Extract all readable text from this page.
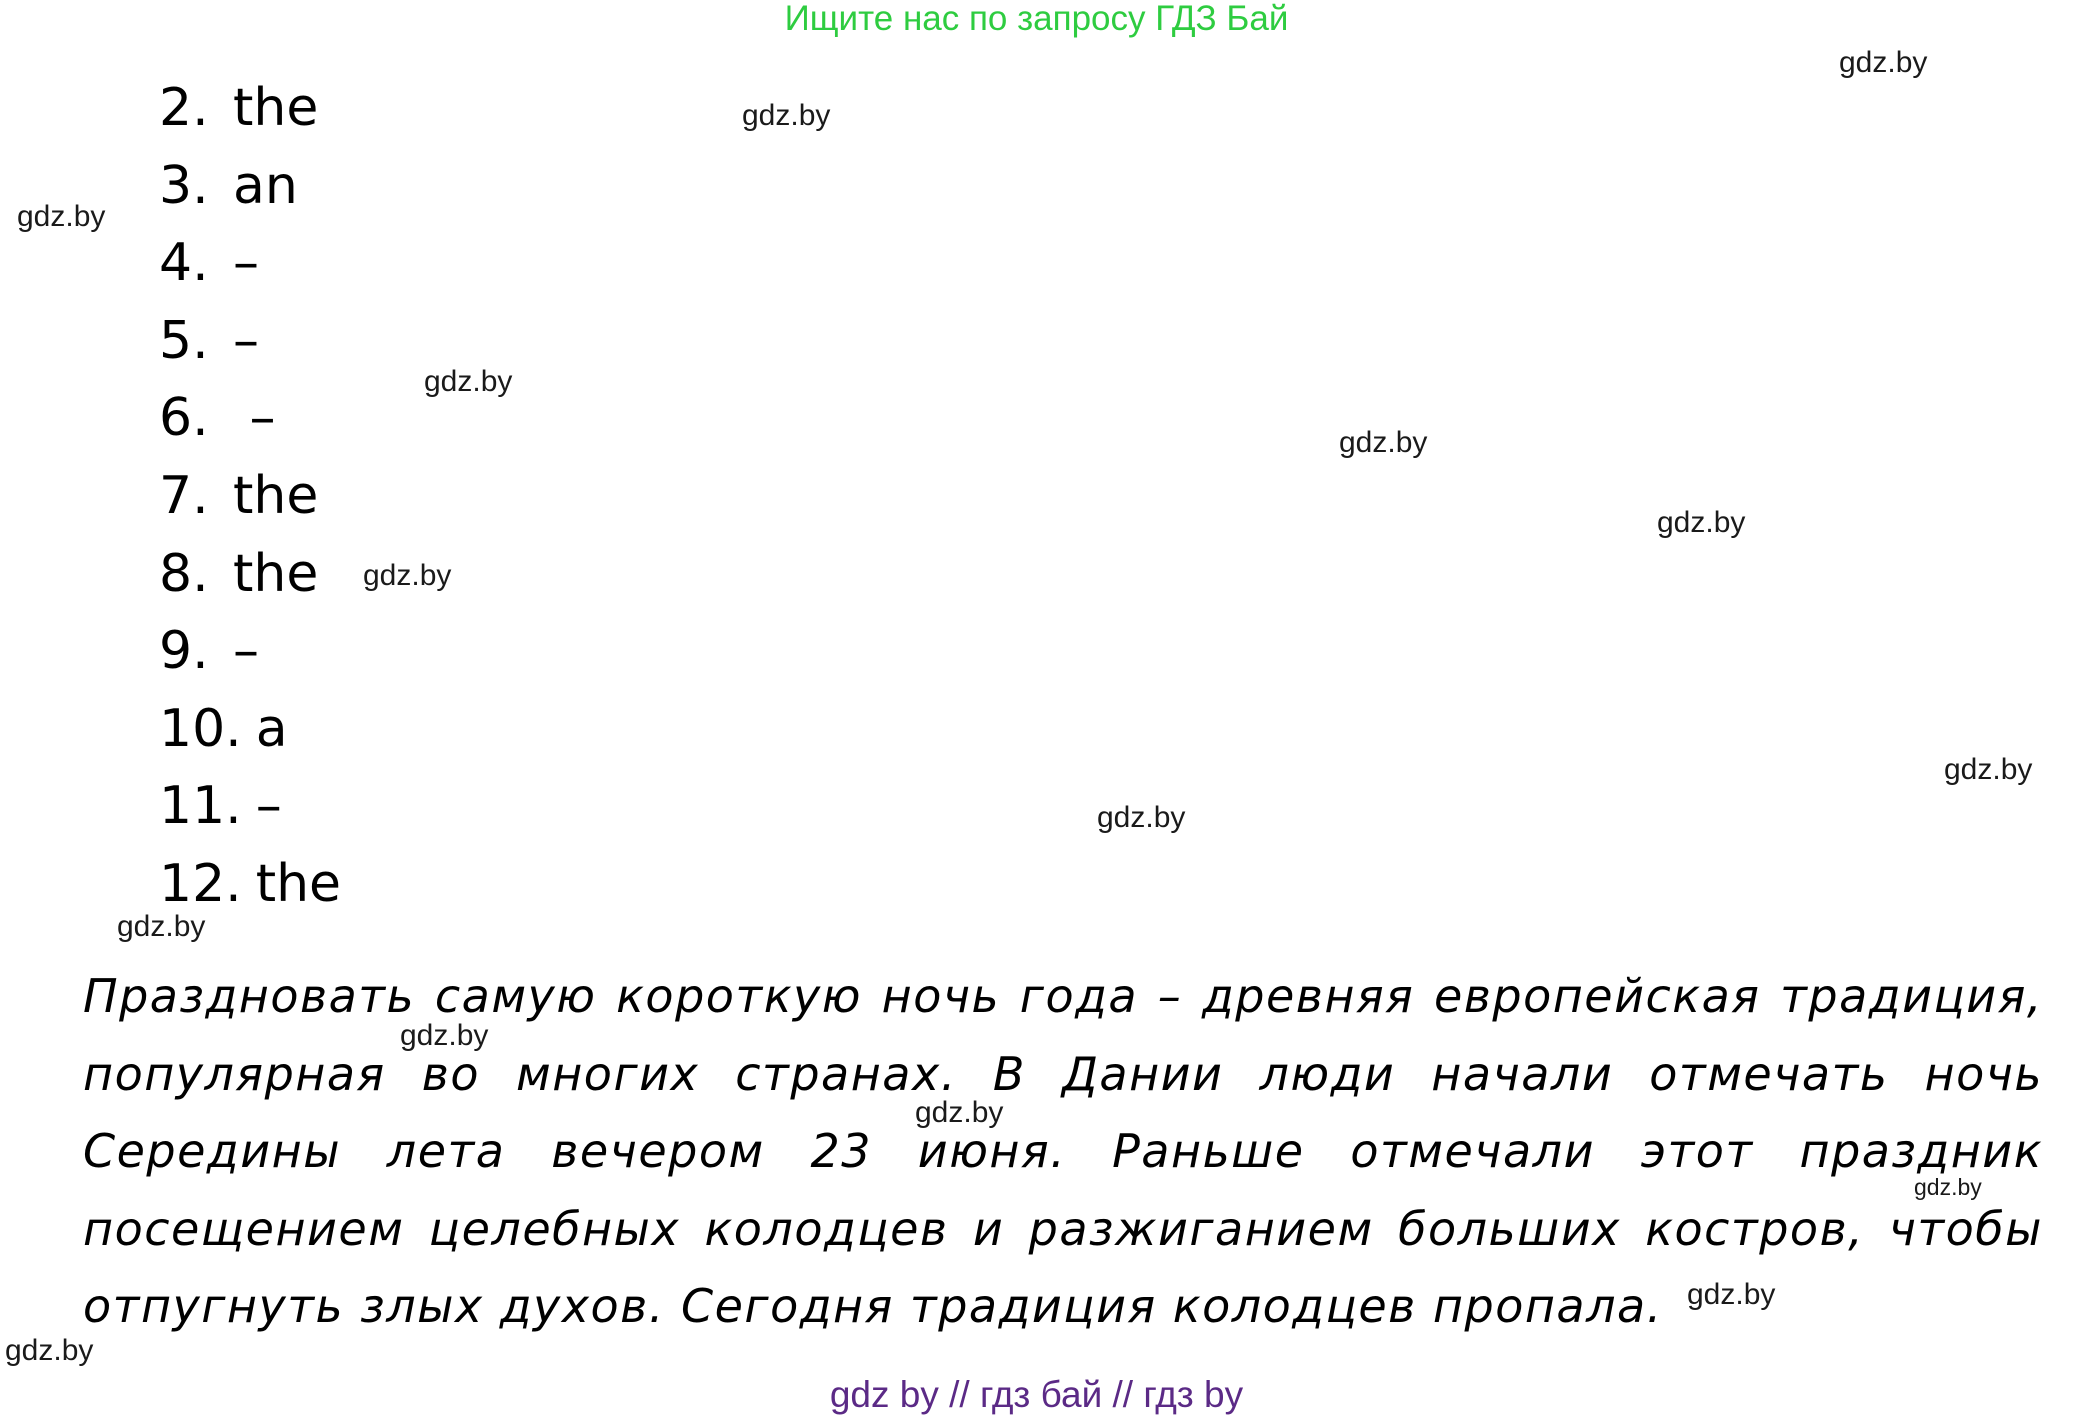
Ищите нас по запросу ГДЗ Бай
2. the
3. an
4. –
5. –
6. –
7. the
8. the
9. –
10. a
11. –
12. the

Праздновать самую короткую ночь года – древняя европейская традиция, популярная во многих странах. В Дании люди начали отмечать ночь Середины лета вечером 23 июня. Раньше отмечали этот праздник посещением целебных колодцев и разжиганием больших костров, чтобы отпугнуть злых духов. Сегодня традиция колодцев пропала.

gdz.by
gdz.by
gdz.by
gdz.by
gdz.by
gdz.by
gdz.by
gdz.by
gdz.by
gdz.by
gdz.by
gdz.by
gdz.by
gdz.by
gdz.by
gdz by // гдз бай // гдз by
